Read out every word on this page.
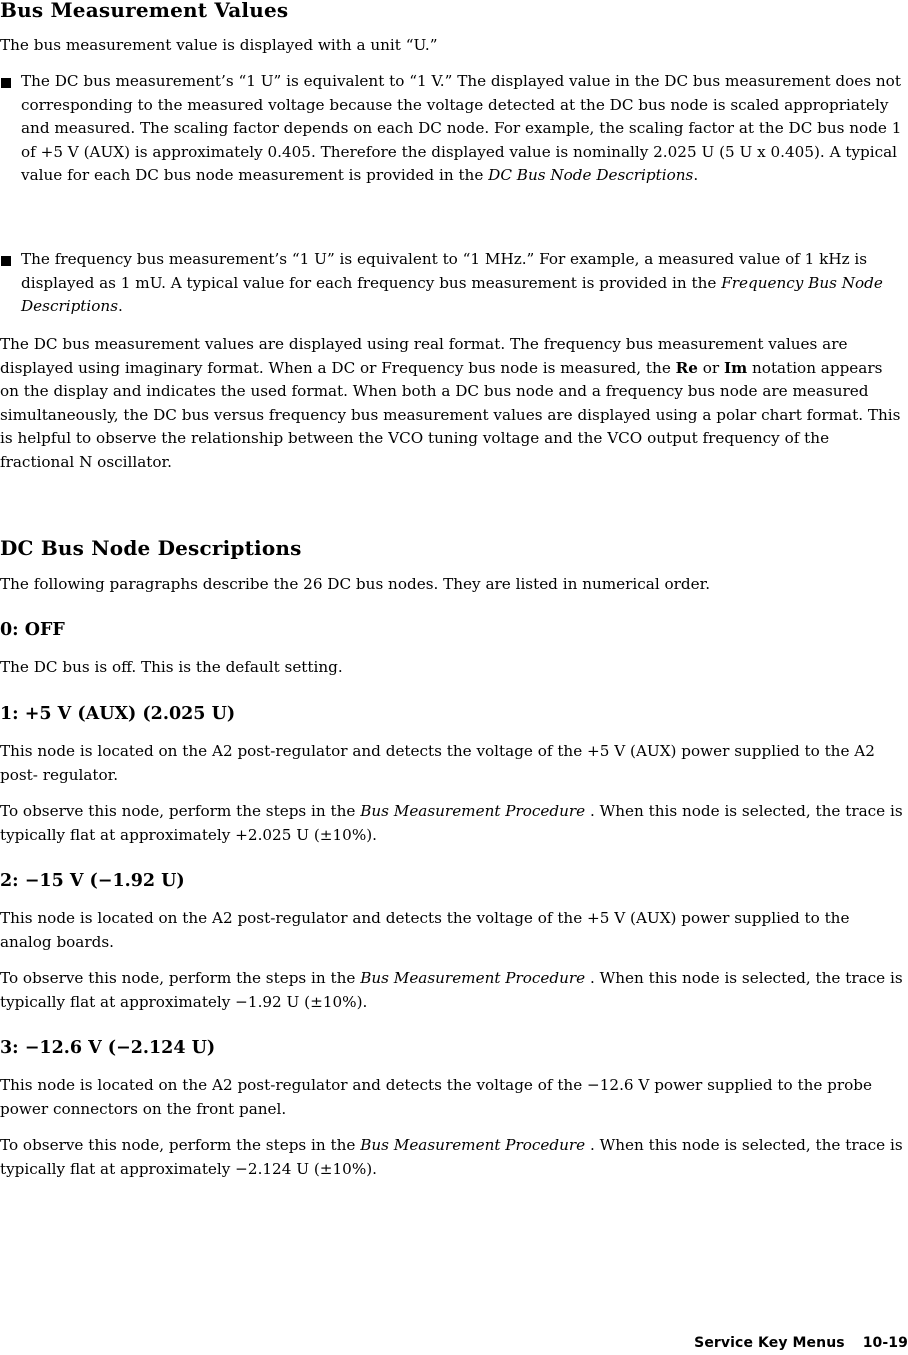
Bus Measurement Values

The bus measurement value is displayed with a unit “U.”

The DC bus measurement’s “1 U” is equivalent to “1 V.” The displayed value in the DC bus measurement does not corresponding to the measured voltage because the voltage detected at the DC bus node is scaled appropriately and measured. The scaling factor depends on each DC node. For example, the scaling factor at the DC bus node 1 of +5 V (AUX) is approximately 0.405. Therefore the displayed value is nominally 2.025 U (5 U x 0.405). A typical value for each DC bus node measurement is provided in the DC Bus Node Descriptions.

The frequency bus measurement’s “1 U” is equivalent to “1 MHz.” For example, a measured value of 1 kHz is displayed as 1 mU. A typical value for each frequency bus measurement is provided in the Frequency Bus Node Descriptions.

The DC bus measurement values are displayed using real format. The frequency bus measurement values are displayed using imaginary format. When a DC or Frequency bus node is measured, the Re or Im notation appears on the display and indicates the used format. When both a DC bus node and a frequency bus node are measured simultaneously, the DC bus versus frequency bus measurement values are displayed using a polar chart format. This is helpful to observe the relationship between the VCO tuning voltage and the VCO output frequency of the fractional N oscillator.

DC Bus Node Descriptions

The following paragraphs describe the 26 DC bus nodes. They are listed in numerical order.

0: OFF

The DC bus is off. This is the default setting.

1: +5 V (AUX) (2.025 U)

This node is located on the A2 post-regulator and detects the voltage of the +5 V (AUX) power supplied to the A2 post- regulator.

To observe this node, perform the steps in the Bus Measurement Procedure . When this node is selected, the trace is typically flat at approximately +2.025 U (±10%).

2: −15 V (−1.92 U)

This node is located on the A2 post-regulator and detects the voltage of the +5 V (AUX) power supplied to the analog boards.

To observe this node, perform the steps in the Bus Measurement Procedure . When this node is selected, the trace is typically flat at approximately −1.92 U (±10%).

3: −12.6 V (−2.124 U)

This node is located on the A2 post-regulator and detects the voltage of the −12.6 V power supplied to the probe power connectors on the front panel.

To observe this node, perform the steps in the Bus Measurement Procedure . When this node is selected, the trace is typically flat at approximately −2.124 U (±10%).

Service Key Menus 10-19
